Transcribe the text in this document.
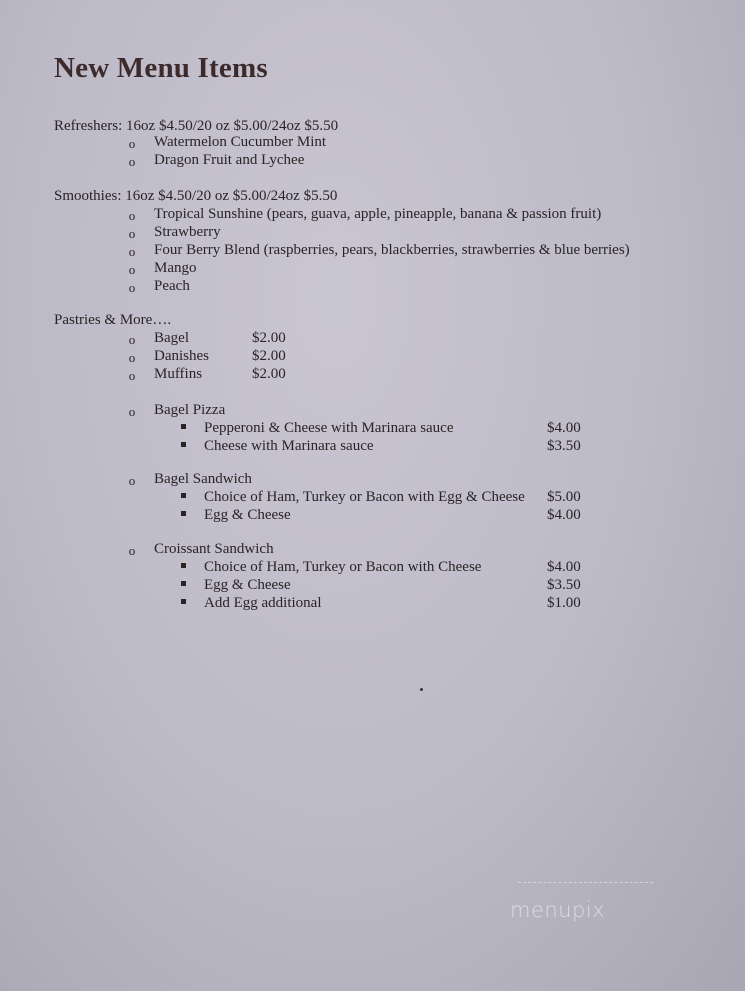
New Menu Items
Refreshers: 16oz $4.50/20 oz $5.00/24oz $5.50
o Watermelon Cucumber Mint
o Dragon Fruit and Lychee
Smoothies: 16oz $4.50/20 oz $5.00/24oz $5.50
o Tropical Sunshine (pears, guava, apple, pineapple, banana & passion fruit)
o Strawberry
o Four Berry Blend (raspberries, pears, blackberries, strawberries & blue berries)
o Mango
o Peach
Pastries & More….
o Bagel	$2.00
o Danishes	$2.00
o Muffins	$2.00
o Bagel Pizza
Pepperoni & Cheese with Marinara sauce	$4.00
Cheese with Marinara sauce	$3.50
o Bagel Sandwich
Choice of Ham, Turkey or Bacon with Egg & Cheese $5.00
Egg & Cheese	$4.00
o Croissant Sandwich
Choice of Ham, Turkey or Bacon with Cheese	$4.00
Egg & Cheese	$3.50
Add Egg additional	$1.00
menupix
